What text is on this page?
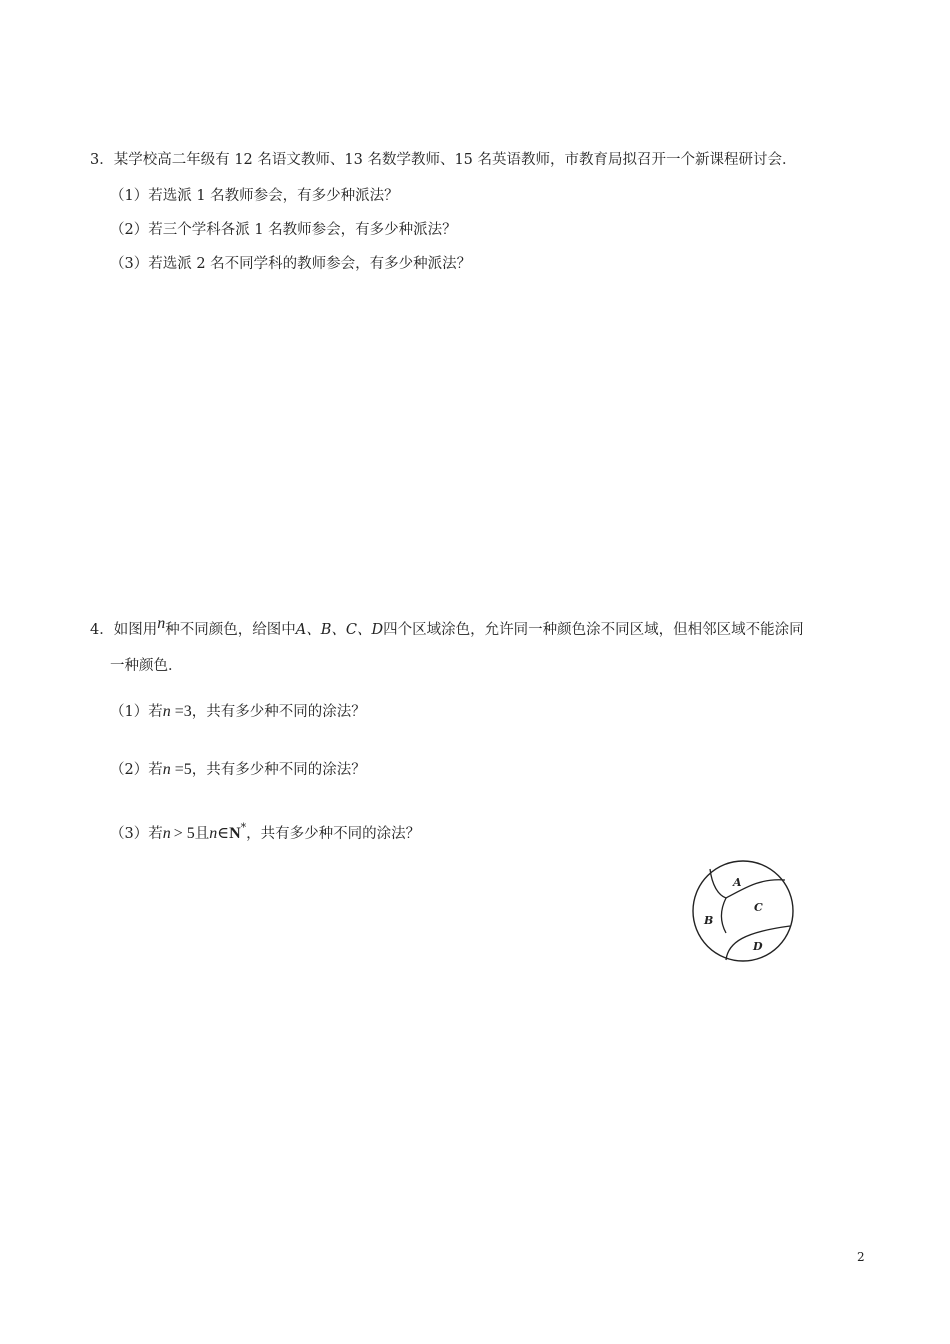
3．某学校高二年级有 12 名语文教师、13 名数学教师、15 名英语教师，市教育局拟召开一个新课程研讨会．
（1）若选派 1 名教师参会，有多少种派法？
（2）若三个学科各派 1 名教师参会，有多少种派法？
（3）若选派 2 名不同学科的教师参会，有多少种派法？
4．如图用n种不同颜色，给图中A、B、C、D四个区域涂色，允许同一种颜色涂不同区域，但相邻区域不能涂同
一种颜色．
（1）若n =3，共有多少种不同的涂法？
（2）若n =5，共有多少种不同的涂法？
（3）若n > 5且n∈N*，共有多少种不同的涂法？
A
B
C
D
2
